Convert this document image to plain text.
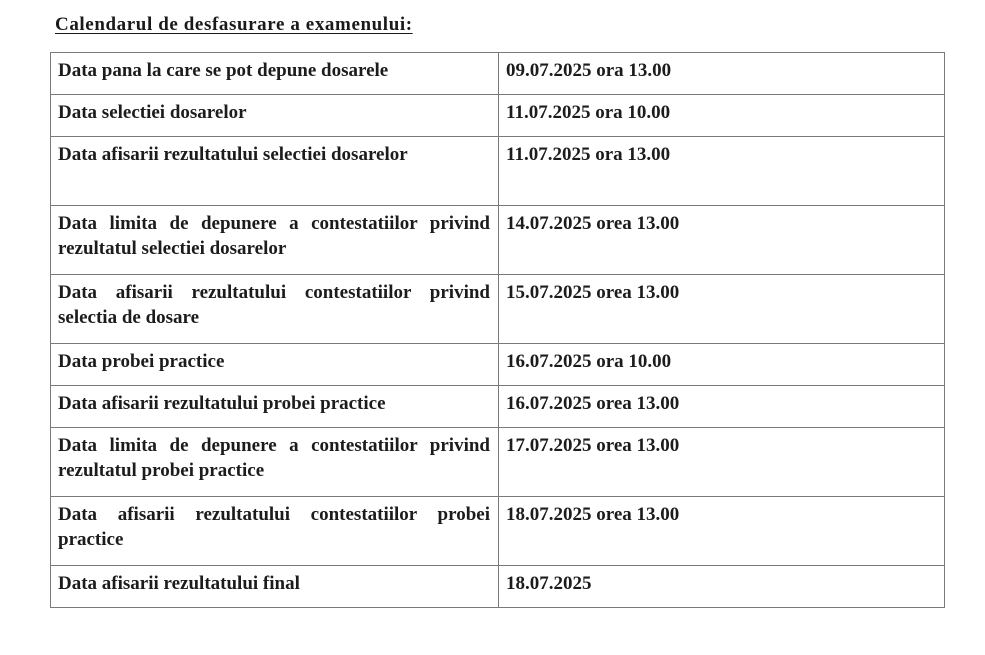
Calendarul de desfasurare a examenului:
Data pana la care se pot depune dosarele	09.07.2025 ora 13.00
Data selectiei dosarelor	11.07.2025 ora 10.00
Data afisarii rezultatului selectiei dosarelor	11.07.2025 ora 13.00
Data limita de depunere a contestatiilor privind rezultatul selectiei dosarelor	14.07.2025 orea 13.00
Data afisarii rezultatului contestatiilor privind selectia de dosare	15.07.2025 orea 13.00
Data probei practice	16.07.2025 ora 10.00
Data afisarii rezultatului probei practice	16.07.2025 orea 13.00
Data limita de depunere a contestatiilor privind rezultatul probei practice	17.07.2025 orea 13.00
Data afisarii rezultatului contestatiilor probei practice	18.07.2025 orea 13.00
Data afisarii rezultatului final	18.07.2025
